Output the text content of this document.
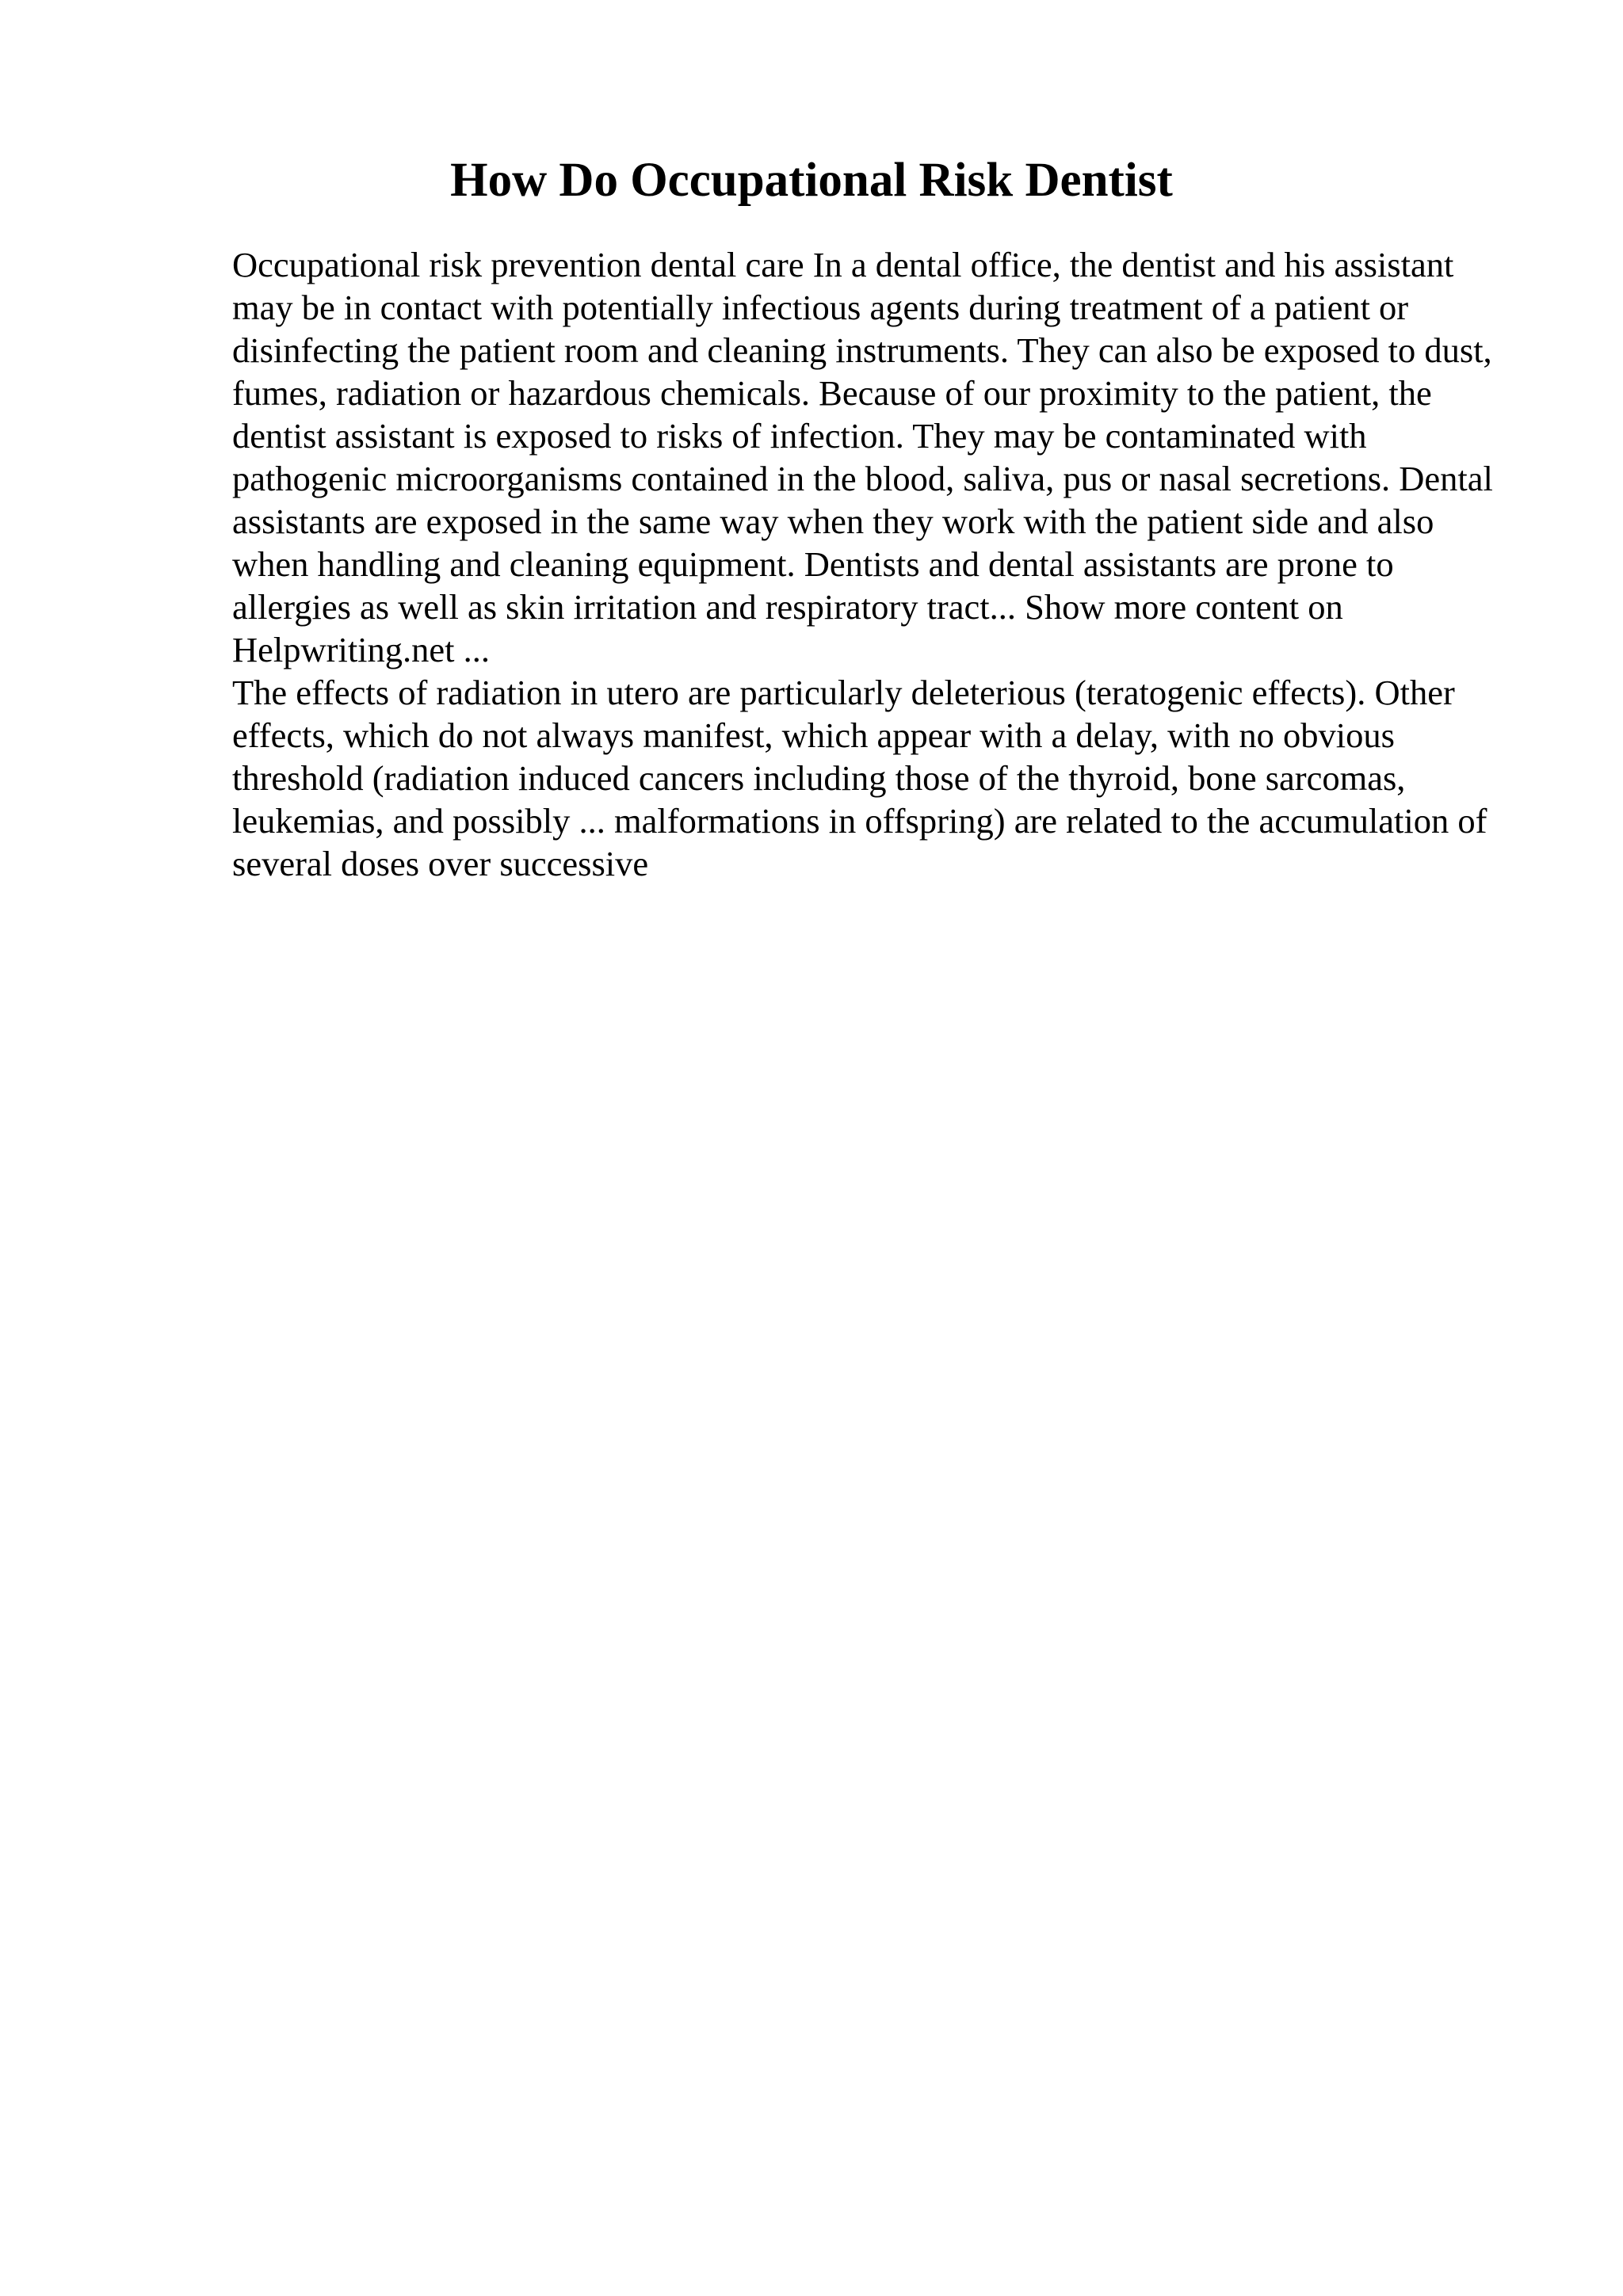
How Do Occupational Risk Dentist

Occupational risk prevention dental care In a dental office, the dentist and his assistant may be in contact with potentially infectious agents during treatment of a patient or disinfecting the patient room and cleaning instruments. They can also be exposed to dust, fumes, radiation or hazardous chemicals. Because of our proximity to the patient, the dentist assistant is exposed to risks of infection. They may be contaminated with pathogenic microorganisms contained in the blood, saliva, pus or nasal secretions. Dental assistants are exposed in the same way when they work with the patient side and also when handling and cleaning equipment. Dentists and dental assistants are prone to allergies as well as skin irritation and respiratory tract... Show more content on Helpwriting.net ...

The effects of radiation in utero are particularly deleterious (teratogenic effects). Other effects, which do not always manifest, which appear with a delay, with no obvious threshold (radiation induced cancers including those of the thyroid, bone sarcomas, leukemias, and possibly ... malformations in offspring) are related to the accumulation of several doses over successive
